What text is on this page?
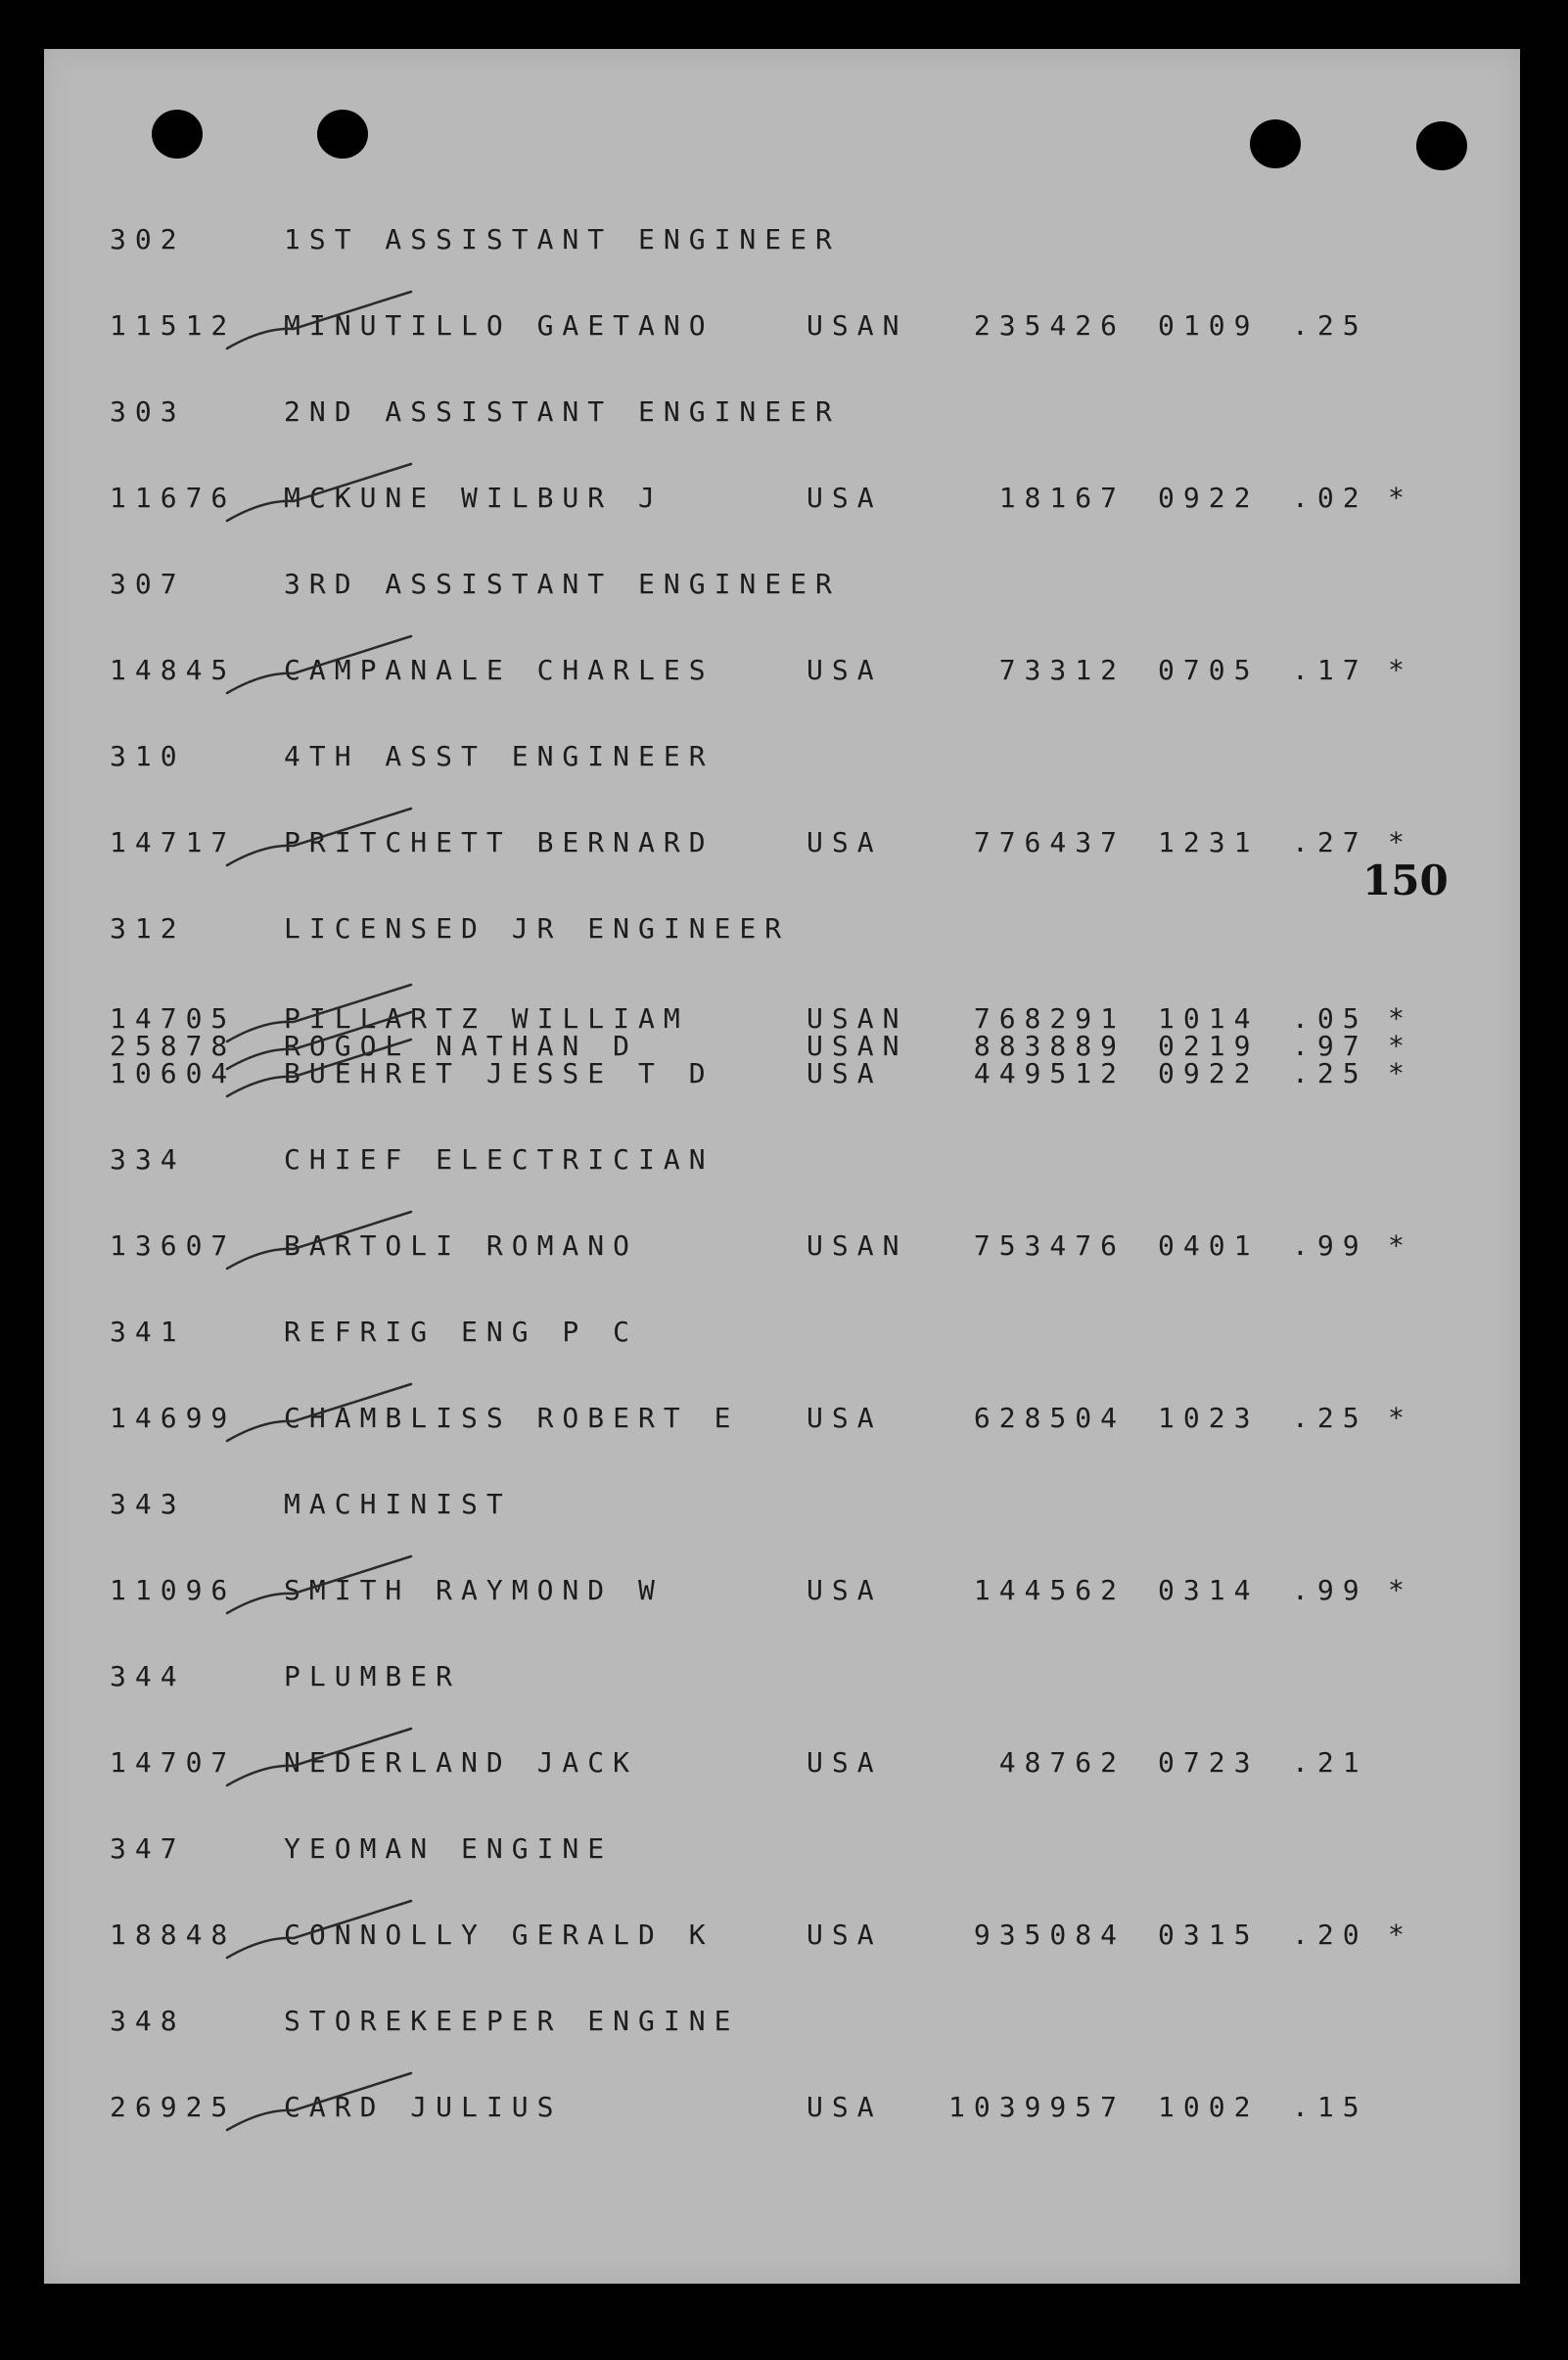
150
302	1ST ASSISTANT ENGINEER
11512 MINUTILLO GAETANO	USAN	235426 0109 .25
303	2ND ASSISTANT ENGINEER
11676 MCKUNE WILBUR J	USA	18167 0922 .02 *
307	3RD ASSISTANT ENGINEER
14845 CAMPANALE CHARLES	USA	73312 0705 .17 *
310	4TH ASST ENGINEER
14717 PRITCHETT BERNARD	USA	776437 1231 .27 *
312	LICENSED JR ENGINEER
14705 PILLARTZ WILLIAM	USAN	768291 1014 .05 *
25878 ROGOL NATHAN D	USAN	883889 0219 .97 *
10604 BUEHRET JESSE T D	USA	449512 0922 .25 *
334	CHIEF ELECTRICIAN
13607 BARTOLI ROMANO	USAN	753476 0401 .99 *
341	REFRIG ENG P C
14699 CHAMBLISS ROBERT E USA	628504 1023 .25 *
343	MACHINIST
11096 SMITH RAYMOND W	USA	144562 0314 .99 *
344	PLUMBER
14707 NEDERLAND JACK	USA	48762 0723 .21
347	YEOMAN ENGINE
18848 CONNOLLY GERALD K	USA	935084 0315 .20 *
348	STOREKEEPER ENGINE
26925 CARD JULIUS	USA	1039957 1002 .15
